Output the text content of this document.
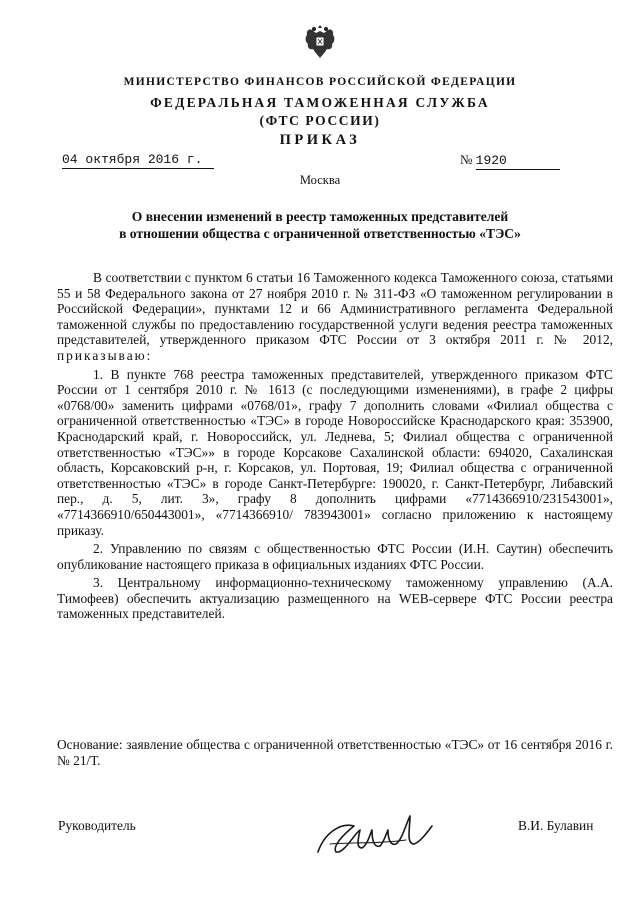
МИНИСТЕРСТВО ФИНАНСОВ РОССИЙСКОЙ ФЕДЕРАЦИИ
ФЕДЕРАЛЬНАЯ ТАМОЖЕННАЯ СЛУЖБА
(ФТС РОССИИ)
ПРИКАЗ
04 октября 2016 г.	№ 1920
Москва
О внесении изменений в реестр таможенных представителей
в отношении общества с ограниченной ответственностью «ТЭС»

В соответствии с пунктом 6 статьи 16 Таможенного кодекса Таможенного союза, статьями 55 и 58 Федерального закона от 27 ноября 2010 г. № 311-ФЗ «О таможенном регулировании в Российской Федерации», пунктами 12 и 66 Административного регламента Федеральной таможенной службы по предоставлению государственной услуги ведения реестра таможенных представителей, утвержденного приказом ФТС России от 3 октября 2011 г. № 2012, приказываю:

1. В пункте 768 реестра таможенных представителей, утвержденного приказом ФТС России от 1 сентября 2010 г. № 1613 (с последующими изменениями), в графе 2 цифры «0768/00» заменить цифрами «0768/01», графу 7 дополнить словами «Филиал общества с ограниченной ответственностью «ТЭС» в городе Новороссийске Краснодарского края: 353900, Краснодарский край, г. Новороссийск, ул. Леднева, 5; Филиал общества с ограниченной ответственностью «ТЭС»» в городе Корсакове Сахалинской области: 694020, Сахалинская область, Корсаковский р-н, г. Корсаков, ул. Портовая, 19; Филиал общества с ограниченной ответственностью «ТЭС» в городе Санкт-Петербурге: 190020, г. Санкт-Петербург, Либавский пер., д. 5, лит. 3», графу 8 дополнить цифрами «7714366910/231543001», «7714366910/650443001», «7714366910/ 783943001» согласно приложению к настоящему приказу.

2. Управлению по связям с общественностью ФТС России (И.Н. Саутин) обеспечить опубликование настоящего приказа в официальных изданиях ФТС России.

3. Центральному информационно-техническому таможенному управлению (А.А. Тимофеев) обеспечить актуализацию размещенного на WEB-сервере ФТС России реестра таможенных представителей.

Основание: заявление общества с ограниченной ответственностью «ТЭС» от 16 сентября 2016 г. № 21/Т.
Руководитель	В.И. Булавин
